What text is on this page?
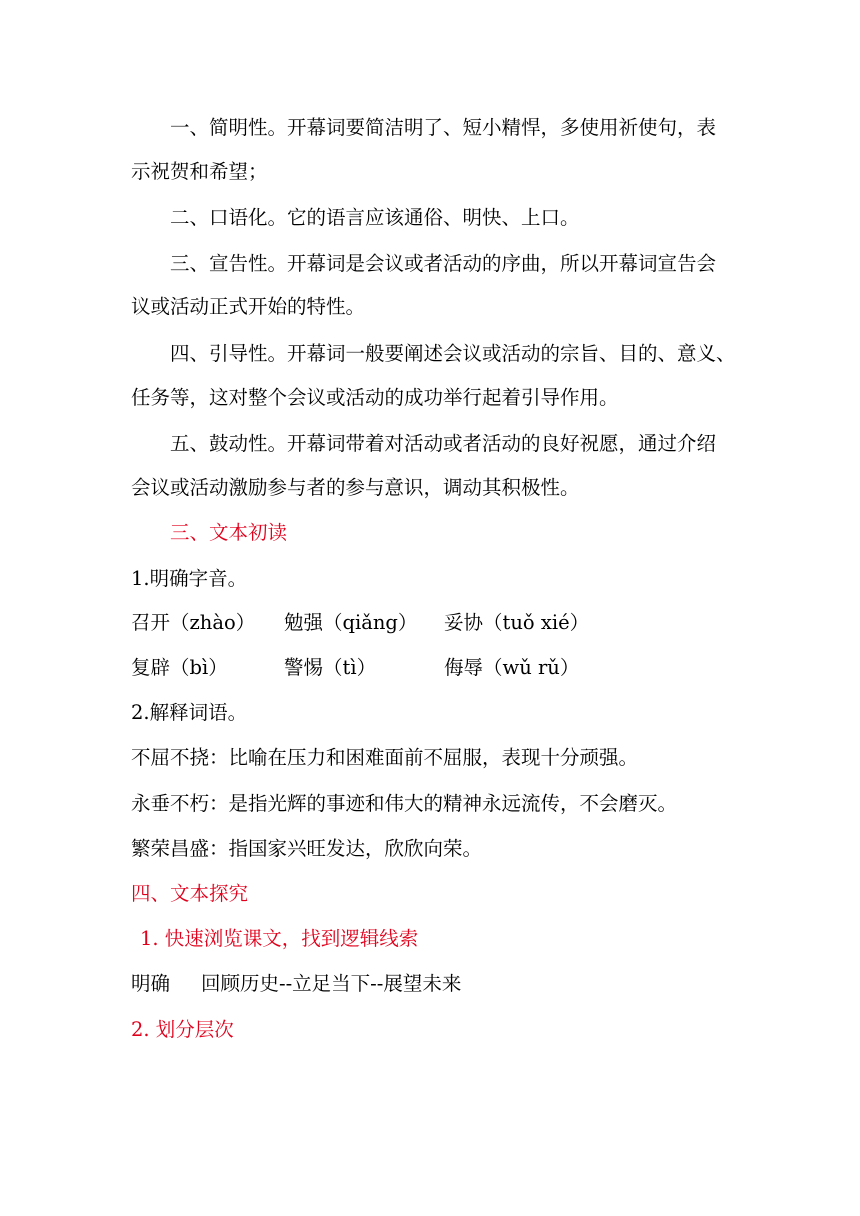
一、简明性。开幕词要简洁明了、短小精悍，多使用祈使句，表
示祝贺和希望；
二、口语化。它的语言应该通俗、明快、上口。
三、宣告性。开幕词是会议或者活动的序曲，所以开幕词宣告会
议或活动正式开始的特性。
四、引导性。开幕词一般要阐述会议或活动的宗旨、目的、意义、
任务等，这对整个会议或活动的成功举行起着引导作用。
五、鼓动性。开幕词带着对活动或者活动的良好祝愿，通过介绍
会议或活动激励参与者的参与意识，调动其积极性。
三、文本初读
1.明确字音。
召开（zhào） 勉强（qiǎng） 妥协（tuǒ xié）
复辟（bì）	警惕（tì）	侮辱（wǔ rǔ）
2.解释词语。
不屈不挠：比喻在压力和困难面前不屈服，表现十分顽强。
永垂不朽：是指光辉的事迹和伟大的精神永远流传，不会磨灭。
繁荣昌盛：指国家兴旺发达，欣欣向荣。
四、文本探究
1. 快速浏览课文，找到逻辑线索
明确 回顾历史--立足当下--展望未来
2. 划分层次
